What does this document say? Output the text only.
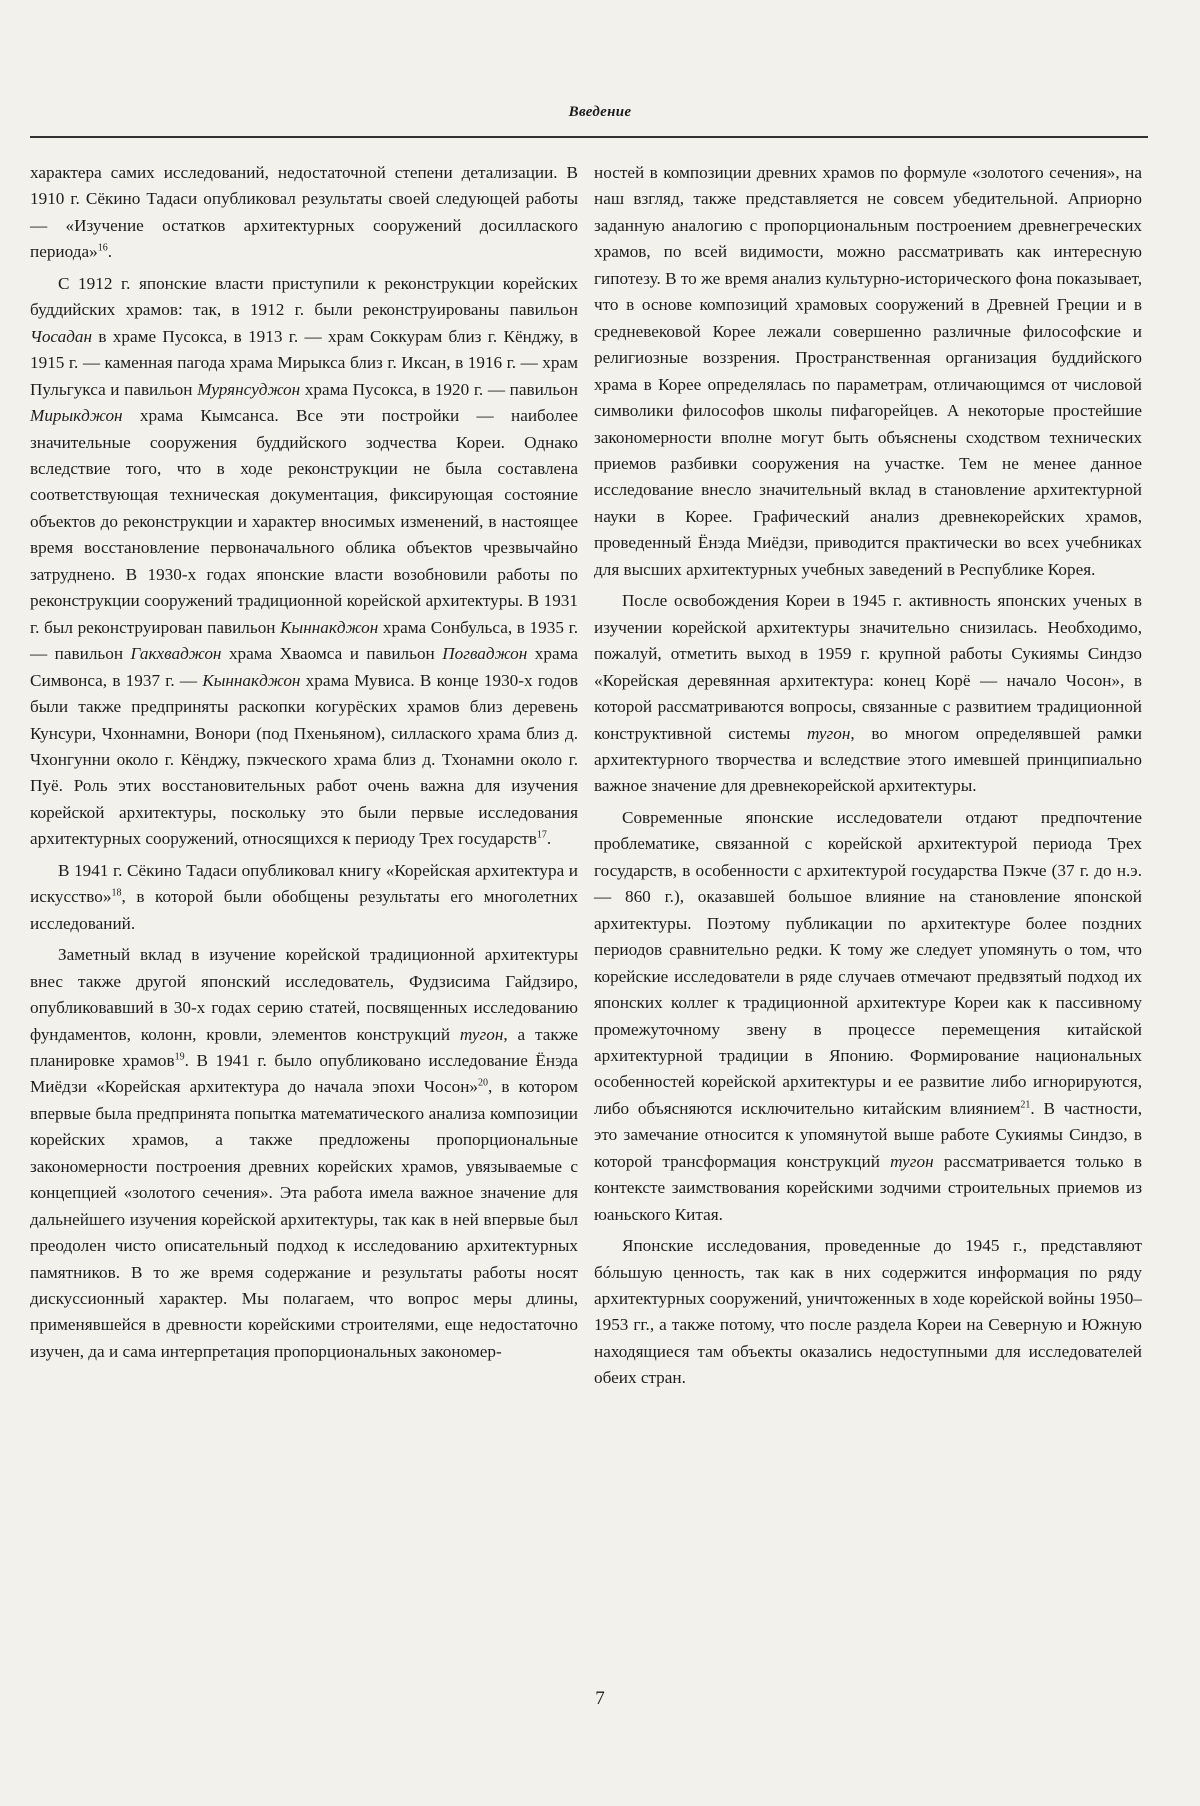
Введение

характера самих исследований, недостаточной степени детализации. В 1910 г. Сёкино Тадаси опубликовал результаты своей следующей работы — «Изучение остатков архитектурных сооружений досиллаского периода»$^{16}$.

С 1912 г. японские власти приступили к реконструкции корейских буддийских храмов: так, в 1912 г. были реконструированы павильон Чосадан в храме Пусокса, в 1913 г. — храм Соккурам близ г. Кёнджу, в 1915 г. — каменная пагода храма Мирыкса близ г. Иксан, в 1916 г. — храм Пульгукса и павильон Мурянсуджон храма Пусокса, в 1920 г. — павильон Мирыкджон храма Кымсанса. Все эти постройки — наиболее значительные сооружения буддийского зодчества Кореи. Однако вследствие того, что в ходе реконструкции не была составлена соответствующая техническая документация, фиксирующая состояние объектов до реконструкции и характер вносимых изменений, в настоящее время восстановление первоначального облика объектов чрезвычайно затруднено. В 1930-х годах японские власти возобновили работы по реконструкции сооружений традиционной корейской архитектуры. В 1931 г. был реконструирован павильон Кыннакджон храма Сонбульса, в 1935 г. — павильон Гакхваджон храма Хваомса и павильон Погваджон храма Симвонса, в 1937 г. — Кыннакджон храма Мувиса. В конце 1930-х годов были также предприняты раскопки когурёских храмов близ деревень Кунсури, Чхоннамни, Вонори (под Пхеньяном), силлаского храма близ д. Чхонгунни около г. Кёнджу, пэкческого храма близ д. Тхонамни около г. Пуё. Роль этих восстановительных работ очень важна для изучения корейской архитектуры, поскольку это были первые исследования архитектурных сооружений, относящихся к периоду Трех государств$^{17}$.

В 1941 г. Сёкино Тадаси опубликовал книгу «Корейская архитектура и искусство»$^{18}$, в которой были обобщены результаты его многолетних исследований.

Заметный вклад в изучение корейской традиционной архитектуры внес также другой японский исследователь, Фудзисима Гайдзиро, опубликовавший в 30-х годах серию статей, посвященных исследованию фундаментов, колонн, кровли, элементов конструкций тугон, а также планировке храмов$^{19}$. В 1941 г. было опубликовано исследование Ёнэда Миёдзи «Корейская архитектура до начала эпохи Чосон»$^{20}$, в котором впервые была предпринята попытка математического анализа композиции корейских храмов, а также предложены пропорциональные закономерности построения древних корейских храмов, увязываемые с концепцией «золотого сечения». Эта работа имела важное значение для дальнейшего изучения корейской архитектуры, так как в ней впервые был преодолен чисто описательный подход к исследованию архитектурных памятников. В то же время содержание и результаты работы носят дискуссионный характер. Мы полагаем, что вопрос меры длины, применявшейся в древности корейскими строителями, еще недостаточно изучен, да и сама интерпретация пропорциональных закономер-

ностей в композиции древних храмов по формуле «золотого сечения», на наш взгляд, также представляется не совсем убедительной. Априорно заданную аналогию с пропорциональным построением древнегреческих храмов, по всей видимости, можно рассматривать как интересную гипотезу. В то же время анализ культурно-исторического фона показывает, что в основе композиций храмовых сооружений в Древней Греции и в средневековой Корее лежали совершенно различные философские и религиозные воззрения. Пространственная организация буддийского храма в Корее определялась по параметрам, отличающимся от числовой символики философов школы пифагорейцев. А некоторые простейшие закономерности вполне могут быть объяснены сходством технических приемов разбивки сооружения на участке. Тем не менее данное исследование внесло значительный вклад в становление архитектурной науки в Корее. Графический анализ древнекорейских храмов, проведенный Ёнэда Миёдзи, приводится практически во всех учебниках для высших архитектурных учебных заведений в Республике Корея.

После освобождения Кореи в 1945 г. активность японских ученых в изучении корейской архитектуры значительно снизилась. Необходимо, пожалуй, отметить выход в 1959 г. крупной работы Сукиямы Синдзо «Корейская деревянная архитектура: конец Корё — начало Чосон», в которой рассматриваются вопросы, связанные с развитием традиционной конструктивной системы тугон, во многом определявшей рамки архитектурного творчества и вследствие этого имевшей принципиально важное значение для древнекорейской архитектуры.

Современные японские исследователи отдают предпочтение проблематике, связанной с корейской архитектурой периода Трех государств, в особенности с архитектурой государства Пэкче (37 г. до н.э. — 860 г.), оказавшей большое влияние на становление японской архитектуры. Поэтому публикации по архитектуре более поздних периодов сравнительно редки. К тому же следует упомянуть о том, что корейские исследователи в ряде случаев отмечают предвзятый подход их японских коллег к традиционной архитектуре Кореи как к пассивному промежуточному звену в процессе перемещения китайской архитектурной традиции в Японию. Формирование национальных особенностей корейской архитектуры и ее развитие либо игнорируются, либо объясняются исключительно китайским влиянием$^{21}$. В частности, это замечание относится к упомянутой выше работе Сукиямы Синдзо, в которой трансформация конструкций тугон рассматривается только в контексте заимствования корейскими зодчими строительных приемов из юаньского Китая.

Японские исследования, проведенные до 1945 г., представляют бóльшую ценность, так как в них содержится информация по ряду архитектурных сооружений, уничтоженных в ходе корейской войны 1950–1953 гг., а также потому, что после раздела Кореи на Северную и Южную находящиеся там объекты оказались недоступными для исследователей обеих стран.

7
